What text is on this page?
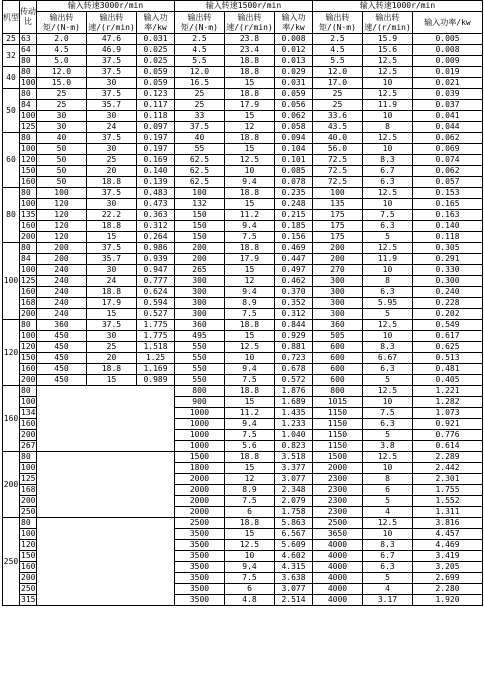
机型	传动比	输入转速3000r/min			输入转速1500r/min			输入转速1000r/min		
		输出转矩/(N·m)	输出转速/(r/min)	输入功率/kw	输出转矩/(N·m)	输出转速/(r/min)	输入功率/kw	输出转矩/(N·m)	输出转速/(r/min)	输入功率/kw
25	63	2.0	47.6	0.031	2.5	23.8	0.008	2.5	15.9	0.005
32	64	4.5	46.9	0.025	4.5	23.4	0.012	4.5	15.6	0.008
	80	5.0	37.5	0.025	5.5	18.8	0.013	5.5	12.5	0.009
40	80	12.0	37.5	0.059	12.0	18.8	0.029	12.0	12.5	0.019
	100	15.0	30	0.059	16.5	15	0.031	17.0	10	0.021
50	80	25	37.5	0.123	25	18.8	0.059	25	12.5	0.039
	84	25	35.7	0.117	25	17.9	0.056	25	11.9	0.037
	100	30	30	0.118	33	15	0.062	33.6	10	0.041
	125	30	24	0.097	37.5	12	0.058	43.5	8	0.044
60	80	40	37.5	0.197	40	18.8	0.094	40.0	12.5	0.062
	100	50	30	0.197	55	15	0.104	56.0	10	0.069
	120	50	25	0.169	62.5	12.5	0.101	72.5	8.3	0.074
	150	50	20	0.140	62.5	10	0.085	72.5	6.7	0.062
	160	50	18.8	0.139	62.5	9.4	0.078	72.5	6.3	0.057
80	80	100	37.5	0.483	100	18.8	0.235	100	12.5	0.153
	100	120	30	0.473	132	15	0.248	135	10	0.165
	135	120	22.2	0.363	150	11.2	0.215	175	7.5	0.163
	160	120	18.8	0.312	150	9.4	0.185	175	6.3	0.140
	200	120	15	0.264	150	7.5	0.156	175	5	0.118
100	80	200	37.5	0.986	200	18.8	0.469	200	12.5	0.305
	84	200	35.7	0.939	200	17.9	0.447	200	11.9	0.291
	100	240	30	0.947	265	15	0.497	270	10	0.330
	125	240	24	0.777	300	12	0.462	300	8	0.300
	160	240	18.8	0.624	300	9.4	0.370	300	6.3	0.240
	168	240	17.9	0.594	300	8.9	0.352	300	5.95	0.228
	200	240	15	0.527	300	7.5	0.312	300	5	0.202
120	80	360	37.5	1.775	360	18.8	0.844	360	12.5	0.549
	100	450	30	1.775	495	15	0.929	505	10	0.617
	120	450	25	1.518	550	12.5	0.881	600	8.3	0.625
	150	450	20	1.25	550	10	0.723	600	6.67	0.513
	160	450	18.8	1.169	550	9.4	0.678	600	6.3	0.481
	200	450	15	0.989	550	7.5	0.572	600	5	0.405
160	80				800	18.8	1.876	800	12.5	1.221
	100				900	15	1.689	1015	10	1.282
	134				1000	11.2	1.435	1150	7.5	1.073
	160				1000	9.4	1.233	1150	6.3	0.921
	200				1000	7.5	1.040	1150	5	0.776
	267				1000	5.6	0.823	1150	3.8	0.614
200	80				1500	18.8	3.518	1500	12.5	2.289
	100				1800	15	3.377	2000	10	2.442
	125				2000	12	3.077	2300	8	2.301
	168				2000	8.9	2.348	2300	6	1.755
	200				2000	7.5	2.079	2300	5	1.552
	250				2000	6	1.758	2300	4	1.311
250	80				2500	18.8	5.863	2500	12.5	3.816
	100				3500	15	6.567	3650	10	4.457
	120				3500	12.5	5.609	4000	8.3	4.469
	150				3500	10	4.602	4000	6.7	3.419
	160				3500	9.4	4.315	4000	6.3	3.205
	200				3500	7.5	3.638	4000	5	2.699
	250				3500	6	3.077	4000	4	2.280
	315				3500	4.8	2.514	4000	3.17	1.920
